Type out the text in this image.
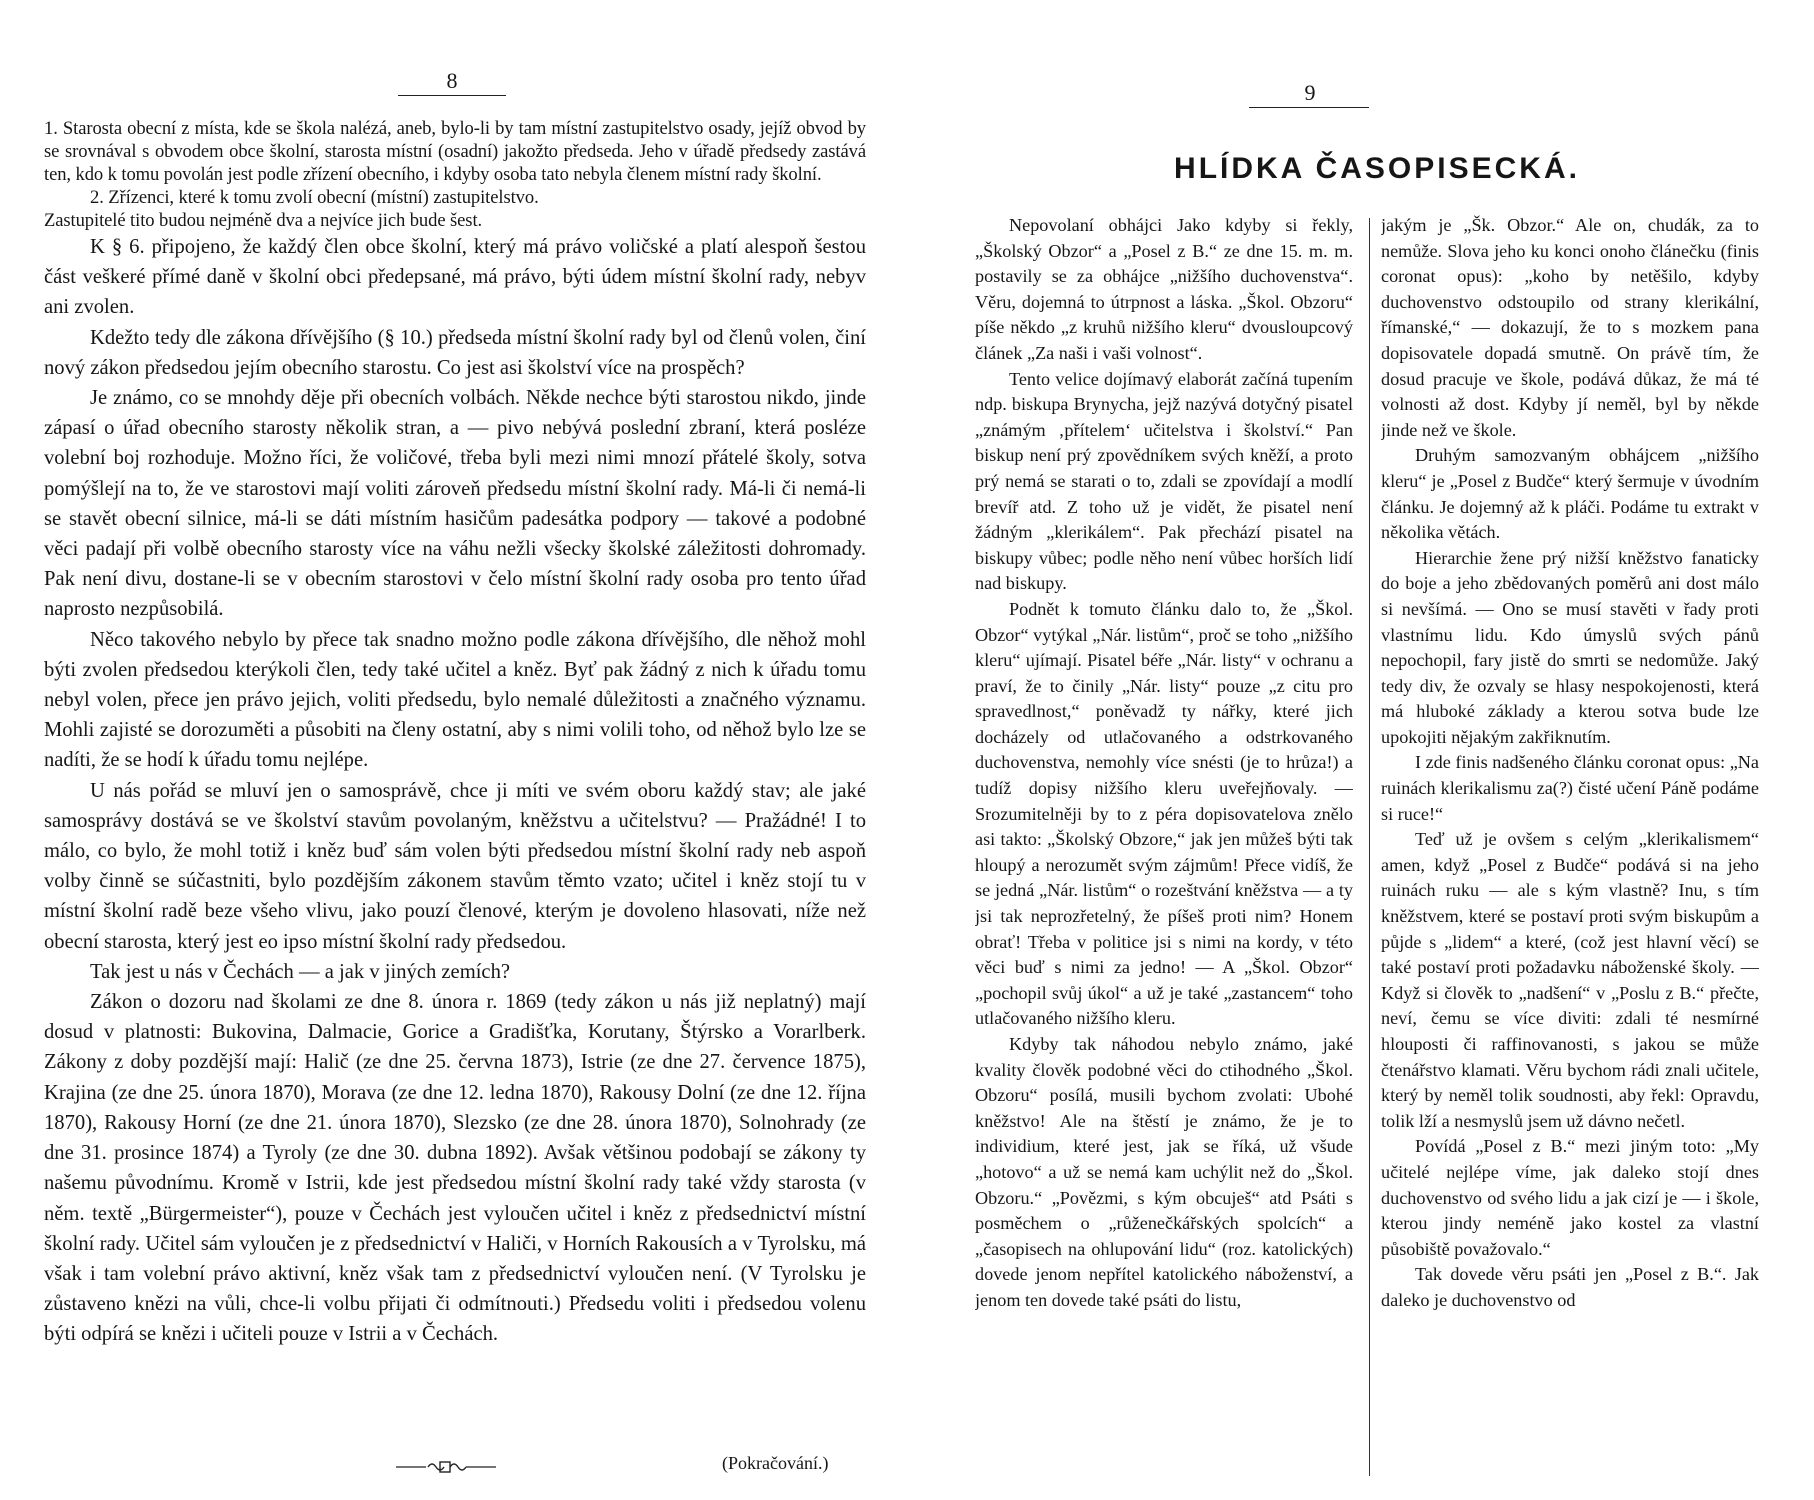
8

1. Starosta obecní z místa, kde se škola nalézá, aneb, bylo-li by tam místní zastupitelstvo osady, jejíž obvod by se srovnával s obvodem obce školní, starosta místní (osadní) jakožto předseda. Jeho v úřadě předsedy zastává ten, kdo k tomu povolán jest podle zřízení obecního, i kdyby osoba tato nebyla členem místní rady školní.

2. Zřízenci, které k tomu zvolí obecní (místní) zastupitelstvo.

Zastupitelé tito budou nejméně dva a nejvíce jich bude šest.

K § 6. připojeno, že každý člen obce školní, který má právo voličské a platí alespoň šestou část veškeré přímé daně v školní obci předepsané, má právo, býti údem místní školní rady, nebyv ani zvolen.

Kdežto tedy dle zákona dřívějšího (§ 10.) předseda místní školní rady byl od členů volen, činí nový zákon předsedou jejím obecního starostu. Co jest asi školství více na prospěch?

Je známo, co se mnohdy děje při obecních volbách. Někde nechce býti starostou nikdo, jinde zápasí o úřad obecního starosty několik stran, a — pivo nebývá poslední zbraní, která posléze volební boj rozhoduje. Možno říci, že voličové, třeba byli mezi nimi mnozí přátelé školy, sotva pomýšlejí na to, že ve starostovi mají voliti zároveň předsedu místní školní rady. Má-li či nemá-li se stavět obecní silnice, má-li se dáti místním hasičům padesátka podpory — takové a podobné věci padají při volbě obecního starosty více na váhu nežli všecky školské záležitosti dohromady. Pak není divu, dostane-li se v obecním starostovi v čelo místní školní rady osoba pro tento úřad naprosto nezpůsobilá.

Něco takového nebylo by přece tak snadno možno podle zákona dřívějšího, dle něhož mohl býti zvolen předsedou kterýkoli člen, tedy také učitel a kněz. Byť pak žádný z nich k úřadu tomu nebyl volen, přece jen právo jejich, voliti předsedu, bylo nemalé důležitosti a značného významu. Mohli zajisté se dorozuměti a působiti na členy ostatní, aby s nimi volili toho, od něhož bylo lze se nadíti, že se hodí k úřadu tomu nejlépe.

U nás pořád se mluví jen o samosprávě, chce ji míti ve svém oboru každý stav; ale jaké samosprávy dostává se ve školství stavům povolaným, kněžstvu a učitelstvu? — Pražádné! I to málo, co bylo, že mohl totiž i kněz buď sám volen býti předsedou místní školní rady neb aspoň volby činně se súčastniti, bylo pozdějším zákonem stavům těmto vzato; učitel i kněz stojí tu v místní školní radě beze všeho vlivu, jako pouzí členové, kterým je dovoleno hlasovati, níže než obecní starosta, který jest eo ipso místní školní rady předsedou.

Tak jest u nás v Čechách — a jak v jiných zemích?

Zákon o dozoru nad školami ze dne 8. února r. 1869 (tedy zákon u nás již neplatný) mají dosud v platnosti: Bukovina, Dalmacie, Gorice a Gradišťka, Korutany, Štýrsko a Vorarlberk. Zákony z doby pozdější mají: Halič (ze dne 25. června 1873), Istrie (ze dne 27. července 1875), Krajina (ze dne 25. února 1870), Morava (ze dne 12. ledna 1870), Rakousy Dolní (ze dne 12. října 1870), Rakousy Horní (ze dne 21. února 1870), Slezsko (ze dne 28. února 1870), Solnohrady (ze dne 31. prosince 1874) a Tyroly (ze dne 30. dubna 1892). Avšak většinou podobají se zákony ty našemu původnímu. Kromě v Istrii, kde jest předsedou místní školní rady také vždy starosta (v něm. textě „Bürgermeister“), pouze v Čechách jest vyloučen učitel i kněz z předsednictví místní školní rady. Učitel sám vyloučen je z předsednictví v Haliči, v Horních Rakousích a v Tyrolsku, má však i tam volební právo aktivní, kněz však tam z předsednictví vyloučen není. (V Tyrolsku je zůstaveno knězi na vůli, chce-li volbu přijati či odmítnouti.) Předsedu voliti i předsedou volenu býti odpírá se knězi i učiteli pouze v Istrii a v Čechách.

(Pokračování.)
9
HLÍDKA ČASOPISECKÁ.

Nepovolaní obhájci Jako kdyby si řekly, „Školský Obzor“ a „Posel z B.“ ze dne 15. m. m. postavily se za obhájce „nižšího duchovenstva“. Věru, dojemná to útrpnost a láska. „Škol. Obzoru“ píše někdo „z kruhů nižšího kleru“ dvousloupcový článek „Za naši i vaši volnost“.

Tento velice dojímavý elaborát začíná tupením ndp. biskupa Brynycha, jejž nazývá dotyčný pisatel „známým ‚přítelem‘ učitelstva i školství.“ Pan biskup není prý zpovědníkem svých kněží, a proto prý nemá se starati o to, zdali se zpovídají a modlí brevíř atd. Z toho už je vidět, že pisatel není žádným „klerikálem“. Pak přechází pisatel na biskupy vůbec; podle něho není vůbec horších lidí nad biskupy.

Podnět k tomuto článku dalo to, že „Škol. Obzor“ vytýkal „Nár. listům“, proč se toho „nižšího kleru“ ujímají. Pisatel béře „Nár. listy“ v ochranu a praví, že to činily „Nár. listy“ pouze „z citu pro spravedlnost,“ poněvadž ty nářky, které jich docházely od utlačovaného a odstrkovaného duchovenstva, nemohly více snésti (je to hrůza!) a tudíž dopisy nižšího kleru uveřejňovaly. — Srozumitelněji by to z péra dopisovatelova znělo asi takto: „Školský Obzore,“ jak jen můžeš býti tak hloupý a nerozumět svým zájmům! Přece vidíš, že se jedná „Nár. listům“ o rozeštvání kněžstva — a ty jsi tak neprozřetelný, že píšeš proti nim? Honem obrať! Třeba v politice jsi s nimi na kordy, v této věci buď s nimi za jedno! — A „Škol. Obzor“ „pochopil svůj úkol“ a už je také „zastancem“ toho utlačovaného nižšího kleru.

Kdyby tak náhodou nebylo známo, jaké kvality člověk podobné věci do ctihodného „Škol. Obzoru“ posílá, musili bychom zvolati: Ubohé kněžstvo! Ale na štěstí je známo, že je to individium, které jest, jak se říká, už všude „hotovo“ a už se nemá kam uchýlit než do „Škol. Obzoru.“ „Povězmi, s kým obcuješ“ atd Psáti s posměchem o „růženečkářských spolcích“ a „časopisech na ohlupování lidu“ (roz. katolických) dovede jenom nepřítel katolického náboženství, a jenom ten dovede také psáti do listu,

jakým je „Šk. Obzor.“ Ale on, chudák, za to nemůže. Slova jeho ku konci onoho článečku (finis coronat opus): „koho by netěšilo, kdyby duchovenstvo odstoupilo od strany klerikální, římanské,“ — dokazují, že to s mozkem pana dopisovatele dopadá smutně. On právě tím, že dosud pracuje ve škole, podává důkaz, že má té volnosti až dost. Kdyby jí neměl, byl by někde jinde než ve škole.

Druhým samozvaným obhájcem „nižšího kleru“ je „Posel z Budče“ který šermuje v úvodním článku. Je dojemný až k pláči. Podáme tu extrakt v několika větách.

Hierarchie žene prý nižší kněžstvo fanaticky do boje a jeho zbědovaných poměrů ani dost málo si nevšímá. — Ono se musí stavěti v řady proti vlastnímu lidu. Kdo úmyslů svých pánů nepochopil, fary jistě do smrti se nedomůže. Jaký tedy div, že ozvaly se hlasy nespokojenosti, která má hluboké základy a kterou sotva bude lze upokojiti nějakým zakřiknutím.

I zde finis nadšeného článku coronat opus: „Na ruinách klerikalismu za(?) čisté učení Páně podáme si ruce!“

Teď už je ovšem s celým „klerikalismem“ amen, když „Posel z Budče“ podává si na jeho ruinách ruku — ale s kým vlastně? Inu, s tím kněžstvem, které se postaví proti svým biskupům a půjde s „lidem“ a které, (což jest hlavní věcí) se také postaví proti požadavku náboženské školy. — Když si člověk to „nadšení“ v „Poslu z B.“ přečte, neví, čemu se více diviti: zdali té nesmírné hlouposti či raffinovanosti, s jakou se může čtenářstvo klamati. Věru bychom rádi znali učitele, který by neměl tolik soudnosti, aby řekl: Opravdu, tolik lží a nesmyslů jsem už dávno nečetl.

Povídá „Posel z B.“ mezi jiným toto: „My učitelé nejlépe víme, jak daleko stojí dnes duchovenstvo od svého lidu a jak cizí je — i škole, kterou jindy neméně jako kostel za vlastní působiště považovalo.“

Tak dovede věru psáti jen „Posel z B.“. Jak daleko je duchovenstvo od
